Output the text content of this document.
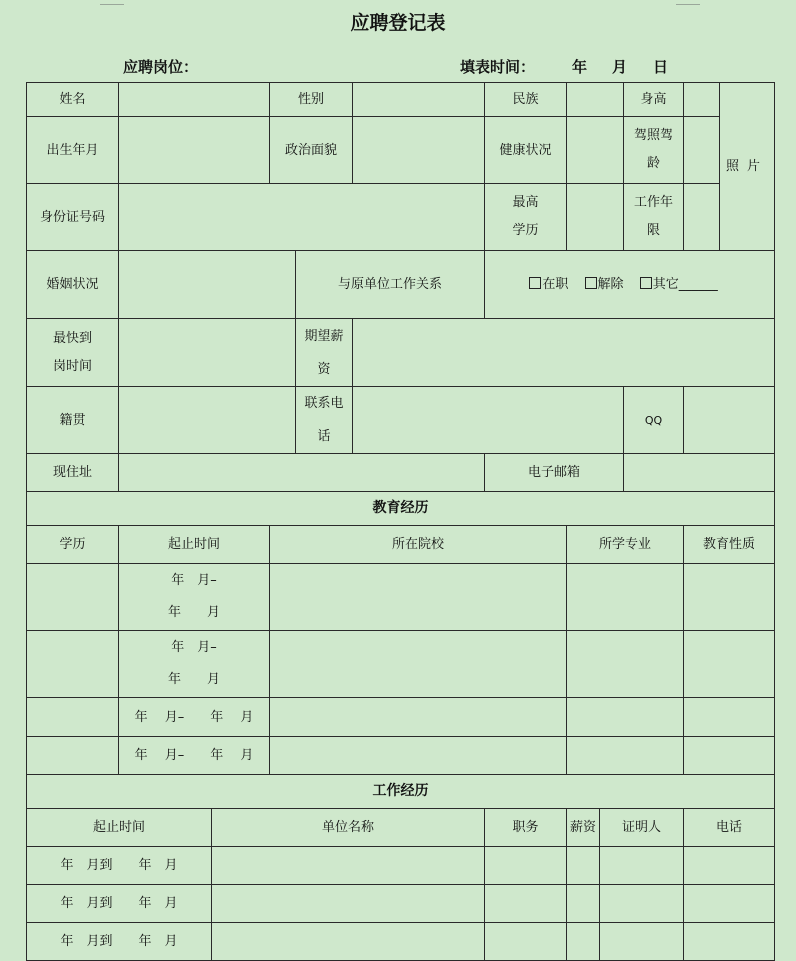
应聘登记表
应聘岗位：	填表时间： 年 月 日
姓名			性别			民族			身高		照片
出生年月			政治面貌			健康状况			驾照驾龄		
身份证号码						最高学历			工作年限		
婚姻状况				与原单位工作关系		在职 解除 其它______					
最快到岗时间				期望薪资							
籍贯				联系电话					QQ		
现住址						电子邮箱					
教育经历											
学历	起止时间		所在院校				所学专业			教育性质	
	年　月–　　年　　月										
	年　月–　　年　　月										
	年　 月–　　年　 月										
	年　 月–　　年　 月										
工作经历											
起止时间		单位名称				职务	薪资	证明人		电话	
年　月到　　年　月											
年　月到　　年　月											
年　月到　　年　月											
